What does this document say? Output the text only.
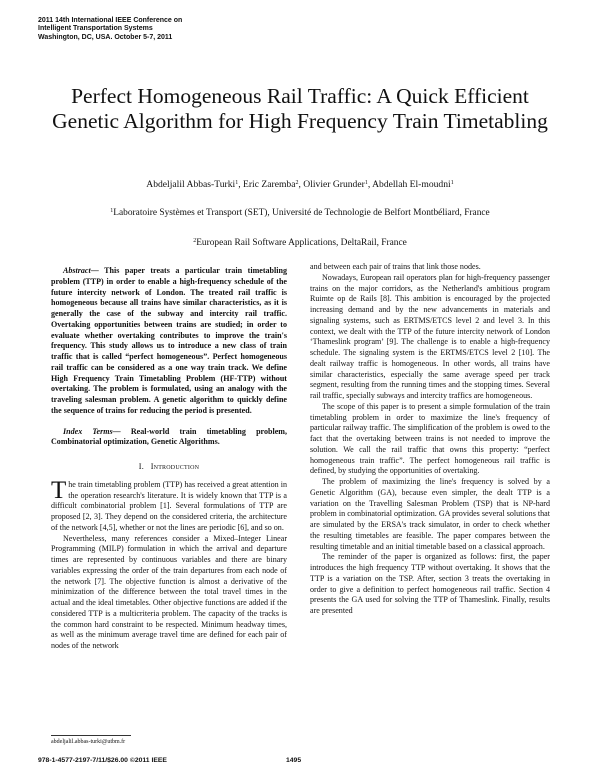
2011 14th International IEEE Conference on
Intelligent Transportation Systems
Washington, DC, USA. October 5-7, 2011
Perfect Homogeneous Rail Traffic: A Quick Efficient Genetic Algorithm for High Frequency Train Timetabling
Abdeljalil Abbas-Turki$^1$, Eric Zaremba$^2$, Olivier Grunder$^1$, Abdellah El-moudni$^1$
$^1$Laboratoire Systèmes et Transport (SET), Université de Technologie de Belfort Montbéliard, France
$^2$European Rail Software Applications, DeltaRail, France

Abstract— This paper treats a particular train timetabling problem (TTP) in order to enable a high-frequency schedule of the future intercity network of London. The treated rail traffic is homogeneous because all trains have similar characteristics, as it is generally the case of the subway and intercity rail traffic. Overtaking opportunities between trains are studied; in order to evaluate whether overtaking contributes to improve the train's frequency. This study allows us to introduce a new class of train traffic that is called “perfect homogeneous”. Perfect homogeneous rail traffic can be considered as a one way train track. We define High Frequency Train Timetabling Problem (HF-TTP) without overtaking. The problem is formulated, using an analogy with the traveling salesman problem. A genetic algorithm to quickly define the sequence of trains for reducing the period is presented.

Index Terms— Real-world train timetabling problem, Combinatorial optimization, Genetic Algorithms.

I. Introduction

The train timetabling problem (TTP) has received a great attention in the operation research's literature. It is widely known that TTP is a difficult combinatorial problem [1]. Several formulations of TTP are proposed [2, 3]. They depend on the considered criteria, the architecture of the network [4,5], whether or not the lines are periodic [6], and so on.

Nevertheless, many references consider a Mixed–Integer Linear Programming (MILP) formulation in which the arrival and departure times are represented by continuous variables and there are binary variables expressing the order of the train departures from each node of the network [7]. The objective function is almost a derivative of the minimization of the difference between the total travel times in the actual and the ideal timetables. Other objective functions are added if the considered TTP is a multicriteria problem. The capacity of the tracks is the common hard constraint to be respected. Minimum headway times, as well as the minimum average travel time are defined for each pair of nodes of the network

and between each pair of trains that link those nodes.

Nowadays, European rail operators plan for high-frequency passenger trains on the major corridors, as the Netherland's ambitious program Ruimte op de Rails [8]. This ambition is encouraged by the projected increasing demand and by the new advancements in materials and signaling systems, such as ERTMS/ETCS level 2 and level 3. In this context, we dealt with the TTP of the future intercity network of London ‘Thameslink program’ [9]. The challenge is to enable a high-frequency schedule. The signaling system is the ERTMS/ETCS level 2 [10]. The dealt railway traffic is homogeneous. In other words, all trains have similar characteristics, especially the same average speed per track segment, resulting from the running times and the stopping times. Several rail traffic, specially subways and intercity traffics are homogeneous.

The scope of this paper is to present a simple formulation of the train timetabling problem in order to maximize the line's frequency of particular railway traffic. The simplification of the problem is owed to the fact that the overtaking between trains is not needed to improve the solution. We call the rail traffic that owns this property: “perfect homogeneous train traffic”. The perfect homogeneous rail traffic is defined, by studying the opportunities of overtaking.

The problem of maximizing the line's frequency is solved by a Genetic Algorithm (GA), because even simpler, the dealt TTP is a variation on the Travelling Salesman Problem (TSP) that is NP-hard problem in combinatorial optimization. GA provides several solutions that are simulated by the ERSA's track simulator, in order to check whether the resulting timetables are feasible. The paper compares between the resulting timetable and an initial timetable based on a classical approach.

The reminder of the paper is organized as follows: first, the paper introduces the high frequency TTP without overtaking. It shows that the TTP is a variation on the TSP. After, section 3 treats the overtaking in order to give a definition to perfect homogeneous rail traffic. Section 4 presents the GA used for solving the TTP of Thameslink. Finally, results are presented

abdeljalil.abbas-turki@utbm.fr
978-1-4577-2197-7/11/$26.00 ©2011 IEEE	1495
